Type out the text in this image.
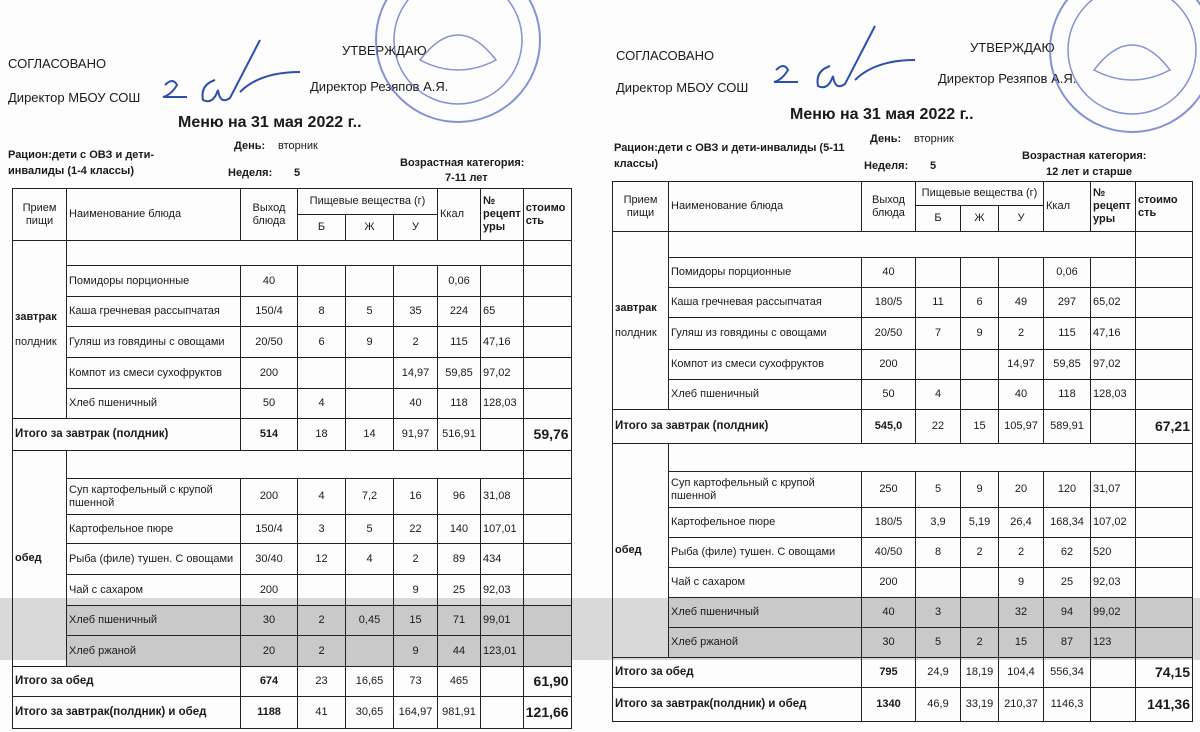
СОГЛАСОВАНО
Директор МБОУ СОШ
УТВЕРЖДАЮ
Директор Резяпов А.Я.
Меню на 31 мая 2022 г..
Рацион:дети с ОВЗ и дети-инвалиды (1-4 классы)
День: вторник
Неделя: 5
Возрастная категория:
7-11 лет
СОГЛАСОВАНО
Директор МБОУ СОШ
УТВЕРЖДАЮ
Директор Резяпов А.Я.
Меню на 31 мая 2022 г..
Рацион:дети с ОВЗ и дети-инвалиды (5-11 классы)
День: вторник
Неделя: 5
Возрастная категория:
12 лет и старше
Прием пищи	Наименование блюда	Выход блюда	Пищевые вещества (г)			Ккал	№ рецепт уры	стоимо сть
			Б	Ж	У			

завтрак
полдник								

	Помидоры порционные	40				0,06		
	Каша гречневая рассыпчатая	150/4	8	5	35	224	65	
	Гуляш из говядины с овощами	20/50	6	9	2	115	47,16	
	Компот из смеси сухофруктов	200			14,97	59,85	97,02	
	Хлеб пшеничный	50	4		40	118	128,03	
Итого за завтрак (полдник)		514	18	14	91,97	516,91		59,76

обед								

	Суп картофельный с крупой пшенной	200	4	7,2	16	96	31,08	
	Картофельное пюре	150/4	3	5	22	140	107,01	
	Рыба (филе) тушен. С овощами	30/40	12	4	2	89	434	
	Чай с сахаром	200			9	25	92,03	
	Хлеб пшеничный	30	2	0,45	15	71	99,01	
	Хлеб ржаной	20	2		9	44	123,01	
Итого за обед		674	23	16,65	73	465		61,90
Итого за завтрак(полдник) и обед		1188	41	30,65	164,97	981,91		121,66
Прием пищи	Наименование блюда	Выход блюда	Пищевые вещества (г)			Ккал	№ рецепт уры	стоимо сть
			Б	Ж	У			

завтрак
полдник								

	Помидоры порционные	40				0,06		
	Каша гречневая рассыпчатая	180/5	11	6	49	297	65,02	
	Гуляш из говядины с овощами	20/50	7	9	2	115	47,16	
	Компот из смеси сухофруктов	200			14,97	59,85	97,02	
	Хлеб пшеничный	50	4		40	118	128,03	
Итого за завтрак (полдник)		545,0	22	15	105,97	589,91		67,21

обед								

	Суп картофельный с крупой пшенной	250	5	9	20	120	31,07	
	Картофельное пюре	180/5	3,9	5,19	26,4	168,34	107,02	
	Рыба (филе) тушен. С овощами	40/50	8	2	2	62	520	
	Чай с сахаром	200			9	25	92,03	
	Хлеб пшеничный	40	3		32	94	99,02	
	Хлеб ржаной	30	5	2	15	87	123	
Итого за обед		795	24,9	18,19	104,4	556,34		74,15
Итого за завтрак(полдник) и обед		1340	46,9	33,19	210,37	1146,3		141,36
